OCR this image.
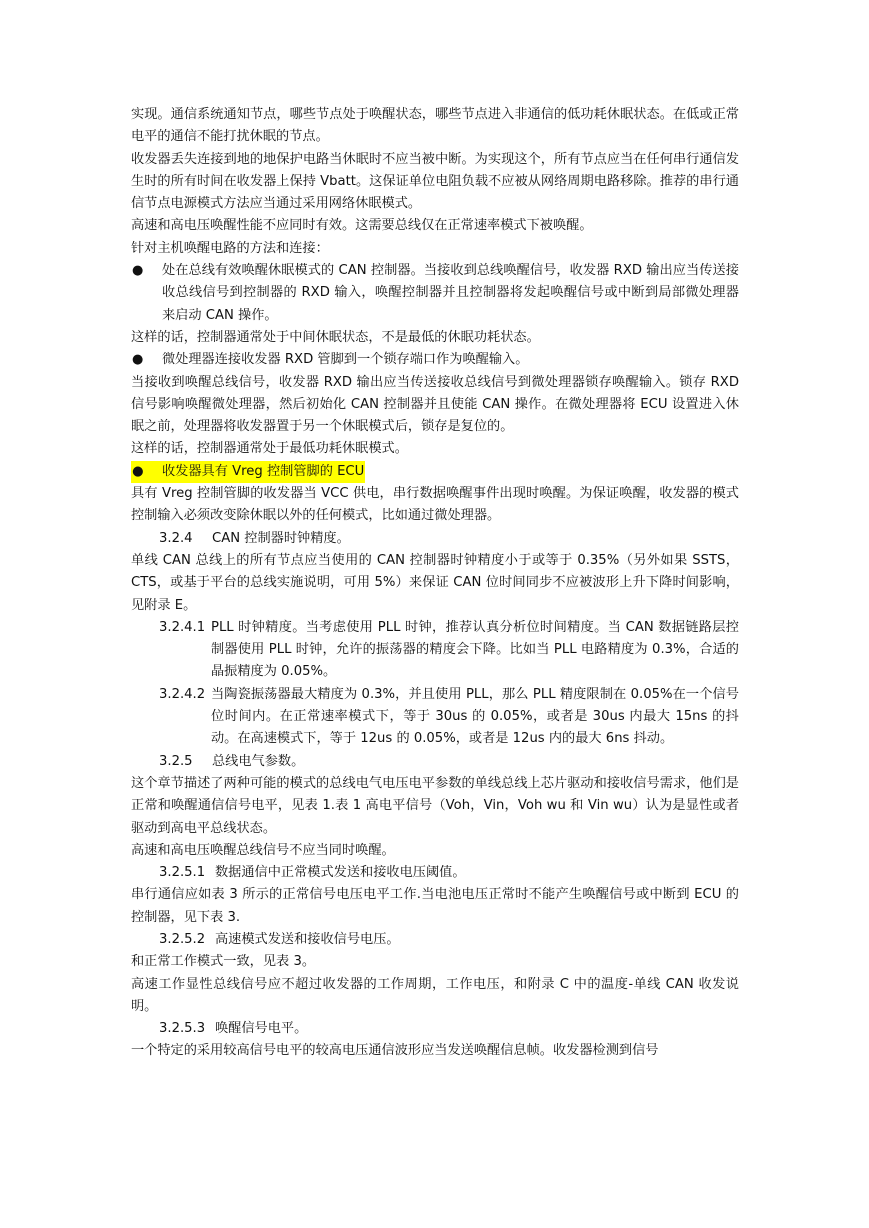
实现。通信系统通知节点，哪些节点处于唤醒状态，哪些节点进入非通信的低功耗休眠状态。在低或正常电平的通信不能打扰休眠的节点。

收发器丢失连接到地的地保护电路当休眠时不应当被中断。为实现这个，所有节点应当在任何串行通信发生时的所有时间在收发器上保持 Vbatt。这保证单位电阻负载不应被从网络周期电路移除。推荐的串行通信节点电源模式方法应当通过采用网络休眠模式。

高速和高电压唤醒性能不应同时有效。这需要总线仅在正常速率模式下被唤醒。

针对主机唤醒电路的方法和连接：

● 处在总线有效唤醒休眠模式的 CAN 控制器。当接收到总线唤醒信号，收发器 RXD 输出应当传送接收总线信号到控制器的 RXD 输入，唤醒控制器并且控制器将发起唤醒信号或中断到局部微处理器来启动 CAN 操作。

这样的话，控制器通常处于中间休眠状态，不是最低的休眠功耗状态。

● 微处理器连接收发器 RXD 管脚到一个锁存端口作为唤醒输入。

当接收到唤醒总线信号，收发器 RXD 输出应当传送接收总线信号到微处理器锁存唤醒输入。锁存 RXD 信号影响唤醒微处理器，然后初始化 CAN 控制器并且使能 CAN 操作。在微处理器将 ECU 设置进入休眠之前，处理器将收发器置于另一个休眠模式后，锁存是复位的。

这样的话，控制器通常处于最低功耗休眠模式。

● 收发器具有 Vreg 控制管脚的 ECU

具有 Vreg 控制管脚的收发器当 VCC 供电，串行数据唤醒事件出现时唤醒。为保证唤醒，收发器的模式控制输入必须改变除休眠以外的任何模式，比如通过微处理器。

3.2.4 CAN 控制器时钟精度。

单线 CAN 总线上的所有节点应当使用的 CAN 控制器时钟精度小于或等于 0.35%（另外如果 SSTS，CTS，或基于平台的总线实施说明，可用 5%）来保证 CAN 位时间同步不应被波形上升下降时间影响，见附录 E。

3.2.4.1 PLL 时钟精度。当考虑使用 PLL 时钟，推荐认真分析位时间精度。当 CAN 数据链路层控制器使用 PLL 时钟，允许的振荡器的精度会下降。比如当 PLL 电路精度为 0.3%，合适的晶振精度为 0.05%。
3.2.4.2 当陶瓷振荡器最大精度为 0.3%，并且使用 PLL，那么 PLL 精度限制在 0.05%在一个信号位时间内。在正常速率模式下，等于 30us 的 0.05%，或者是 30us 内最大 15ns 的抖动。在高速模式下，等于 12us 的 0.05%，或者是 12us 内的最大 6ns 抖动。
3.2.5 总线电气参数。

这个章节描述了两种可能的模式的总线电气电压电平参数的单线总线上芯片驱动和接收信号需求，他们是正常和唤醒通信信号电平，见表 1.表 1 高电平信号（Voh，Vin，Voh wu 和 Vin wu）认为是显性或者驱动到高电平总线状态。

高速和高电压唤醒总线信号不应当同时唤醒。

3.2.5.1 数据通信中正常模式发送和接收电压阈值。

串行通信应如表 3 所示的正常信号电压电平工作.当电池电压正常时不能产生唤醒信号或中断到 ECU 的控制器，见下表 3.

3.2.5.2 高速模式发送和接收信号电压。

和正常工作模式一致，见表 3。

高速工作显性总线信号应不超过收发器的工作周期，工作电压，和附录 C 中的温度-单线 CAN 收发说明。

3.2.5.3 唤醒信号电平。

一个特定的采用较高信号电平的较高电压通信波形应当发送唤醒信息帧。收发器检测到信号
